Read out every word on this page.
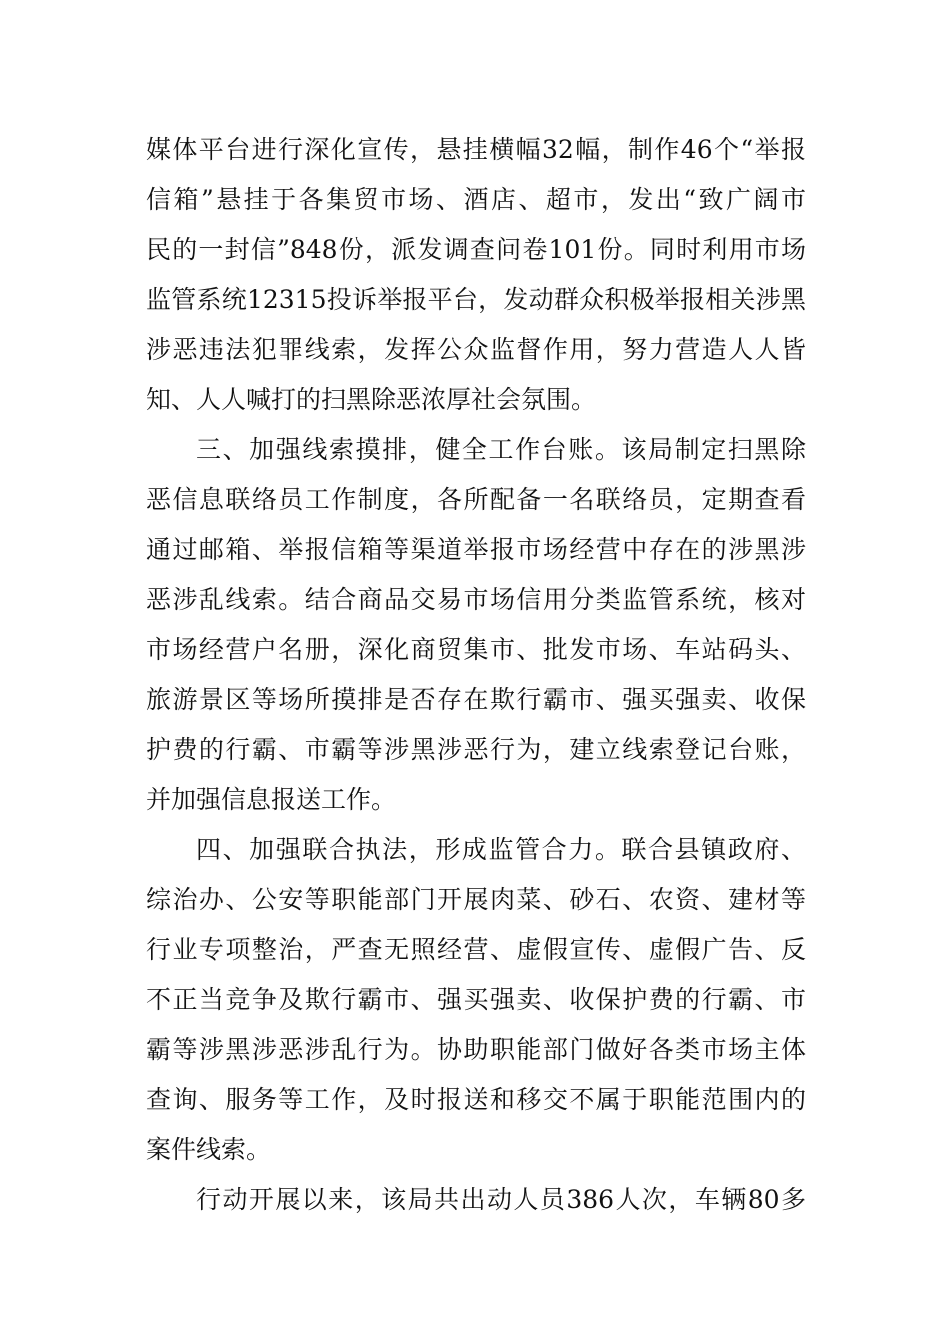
媒体平台进行深化宣传，悬挂横幅32幅，制作46个“举报
信箱”悬挂于各集贸市场、酒店、超市，发出“致广阔市
民的一封信”848份，派发调查问卷101份。同时利用市场
监管系统12315投诉举报平台，发动群众积极举报相关涉黑
涉恶违法犯罪线索，发挥公众监督作用，努力营造人人皆
知、人人喊打的扫黑除恶浓厚社会氛围。
三、加强线索摸排，健全工作台账。该局制定扫黑除
恶信息联络员工作制度，各所配备一名联络员，定期查看
通过邮箱、举报信箱等渠道举报市场经营中存在的涉黑涉
恶涉乱线索。结合商品交易市场信用分类监管系统，核对
市场经营户名册，深化商贸集市、批发市场、车站码头、
旅游景区等场所摸排是否存在欺行霸市、强买强卖、收保
护费的行霸、市霸等涉黑涉恶行为，建立线索登记台账，
并加强信息报送工作。
四、加强联合执法，形成监管合力。联合县镇政府、
综治办、公安等职能部门开展肉菜、砂石、农资、建材等
行业专项整治，严查无照经营、虚假宣传、虚假广告、反
不正当竞争及欺行霸市、强买强卖、收保护费的行霸、市
霸等涉黑涉恶涉乱行为。协助职能部门做好各类市场主体
查询、服务等工作，及时报送和移交不属于职能范围内的
案件线索。
行动开展以来，该局共出动人员386人次，车辆80多
